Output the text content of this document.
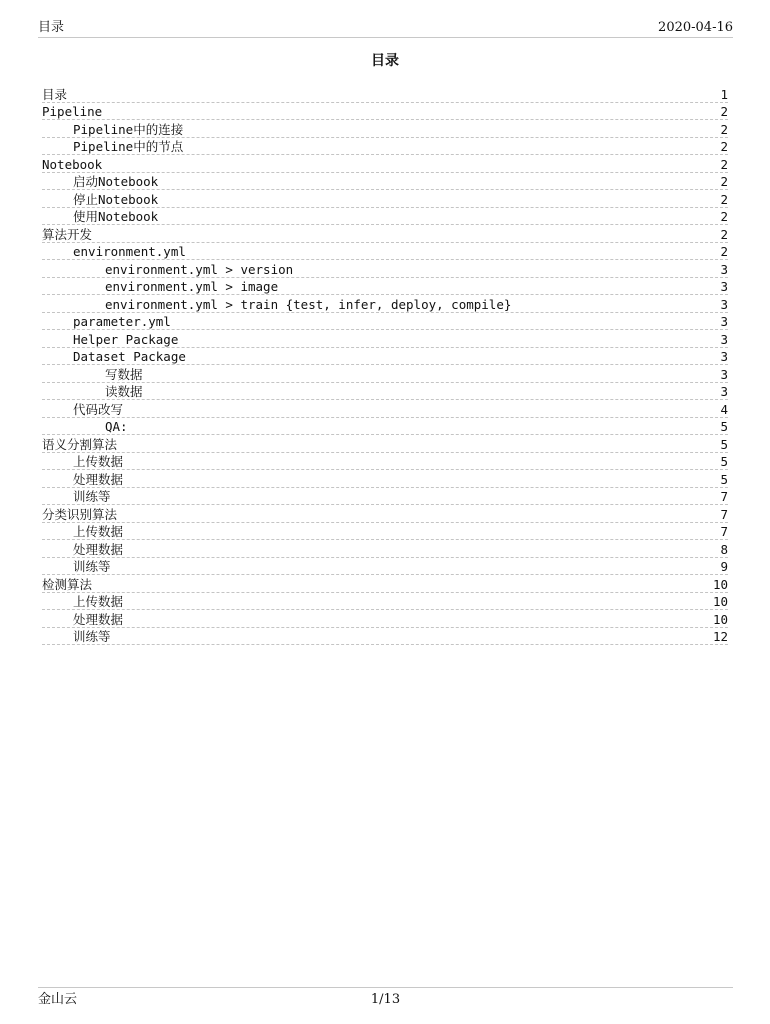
目录	2020-04-16
目录
目录	1
Pipeline	2
Pipeline中的连接	2
Pipeline中的节点	2
Notebook	2
启动Notebook	2
停止Notebook	2
使用Notebook	2
算法开发	2
environment.yml	2
environment.yml > version	3
environment.yml > image	3
environment.yml > train {test, infer, deploy, compile}	3
parameter.yml	3
Helper Package	3
Dataset Package	3
写数据	3
读数据	3
代码改写	4
QA:	5
语义分割算法	5
上传数据	5
处理数据	5
训练等	7
分类识别算法	7
上传数据	7
处理数据	8
训练等	9
检测算法	10
上传数据	10
处理数据	10
训练等	12
金山云	1/13
